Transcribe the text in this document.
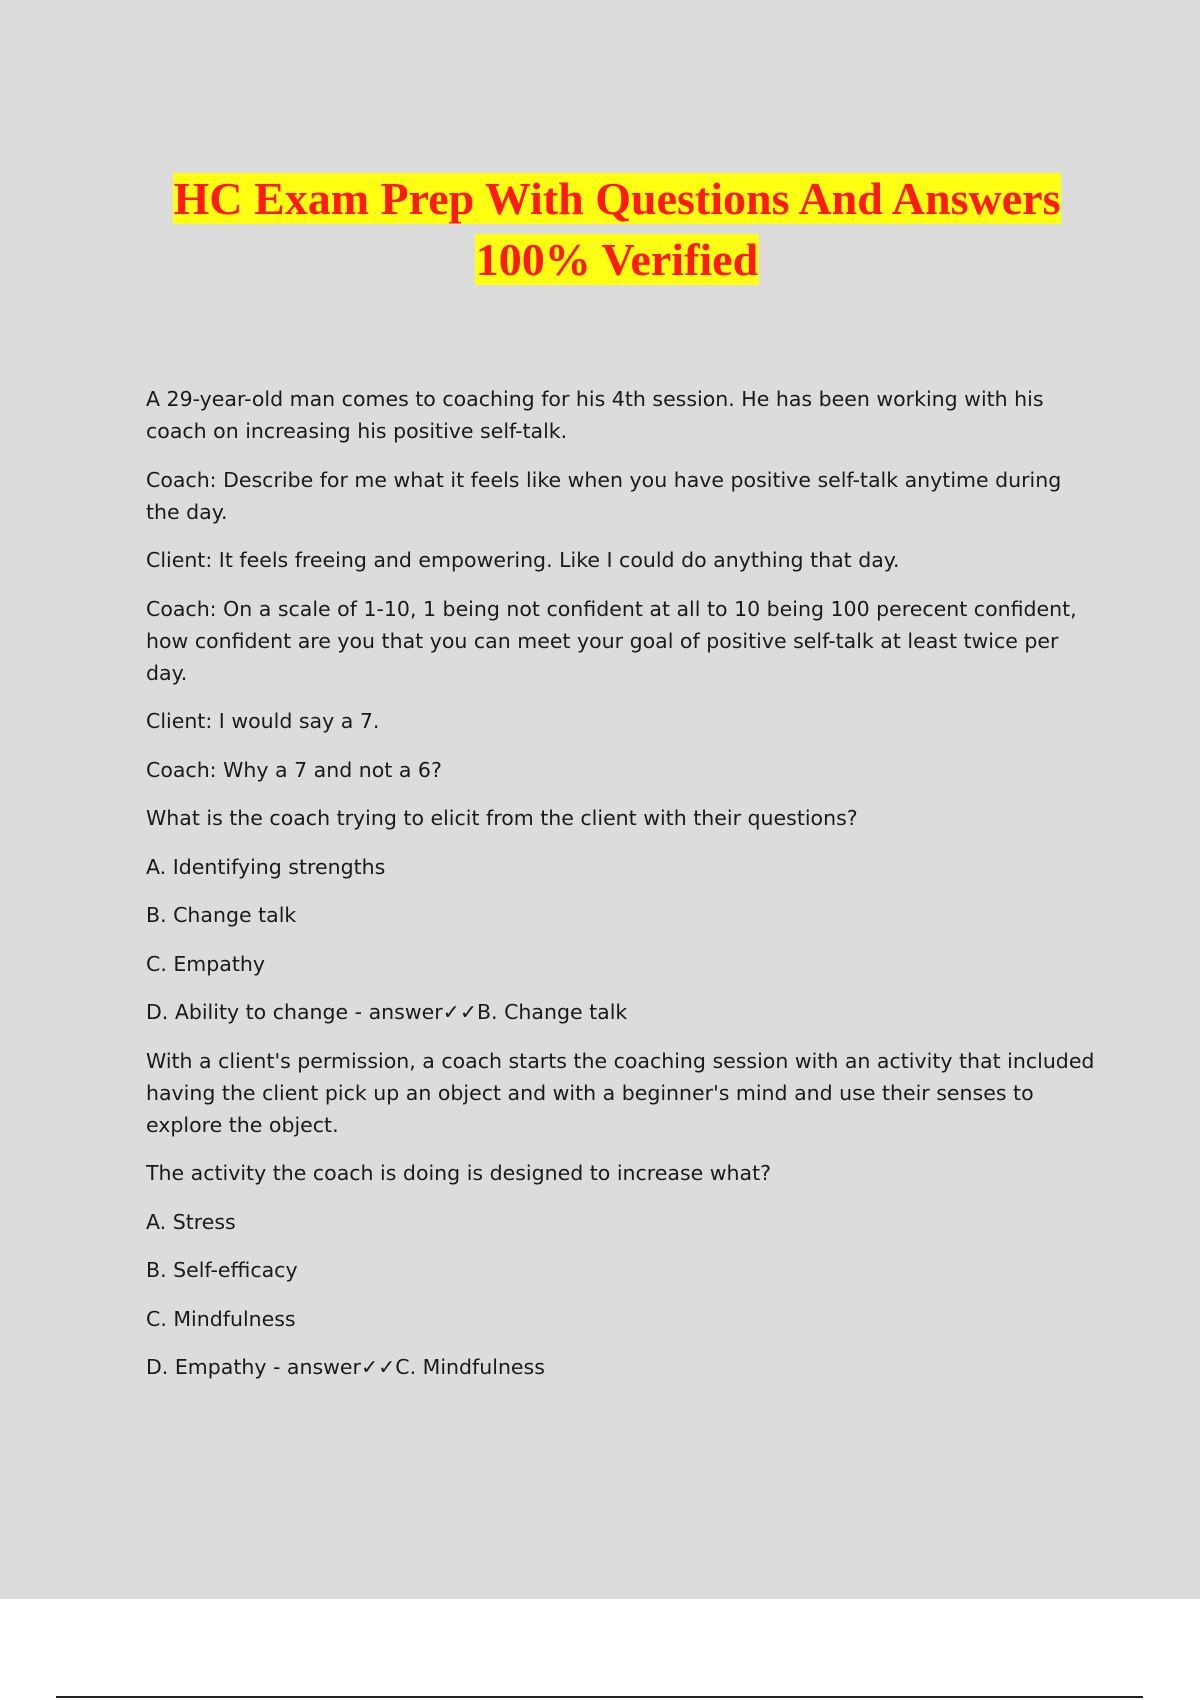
HC Exam Prep With Questions And Answers
100% Verified

A 29-year-old man comes to coaching for his 4th session. He has been working with his coach on increasing his positive self-talk.

Coach: Describe for me what it feels like when you have positive self-talk anytime during the day.

Client: It feels freeing and empowering. Like I could do anything that day.

Coach: On a scale of 1-10, 1 being not confident at all to 10 being 100 perecent confident, how confident are you that you can meet your goal of positive self-talk at least twice per day.

Client: I would say a 7.

Coach: Why a 7 and not a 6?

What is the coach trying to elicit from the client with their questions?

A. Identifying strengths

B. Change talk

C. Empathy

D. Ability to change - answer✓✓B. Change talk

With a client's permission, a coach starts the coaching session with an activity that included having the client pick up an object and with a beginner's mind and use their senses to explore the object.

The activity the coach is doing is designed to increase what?

A. Stress

B. Self-efficacy

C. Mindfulness

D. Empathy - answer✓✓C. Mindfulness
